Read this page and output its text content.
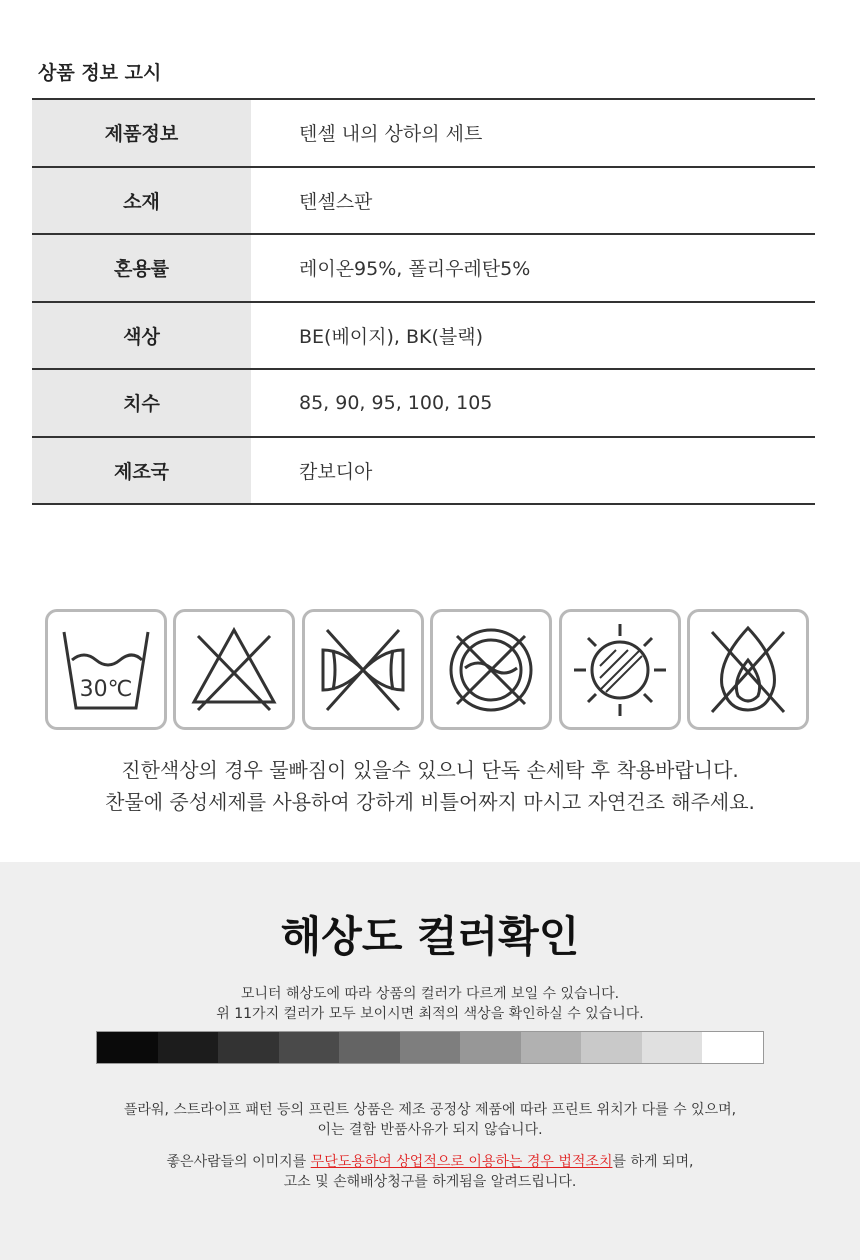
상품 정보 고시
제품정보	텐셀 내의 상하의 세트
소재	텐셀스판
혼용률	레이온95%, 폴리우레탄5%
색상	BE(베이지), BK(블랙)
치수	85, 90, 95, 100, 105
제조국	캄보디아
30℃
진한색상의 경우 물빠짐이 있을수 있으니 단독 손세탁 후 착용바랍니다.
찬물에 중성세제를 사용하여 강하게 비틀어짜지 마시고 자연건조 해주세요.
해상도 컬러확인
모니터 해상도에 따라 상품의 컬러가 다르게 보일 수 있습니다.
위 11가지 컬러가 모두 보이시면 최적의 색상을 확인하실 수 있습니다.
플라워, 스트라이프 패턴 등의 프린트 상품은 제조 공정상 제품에 따라 프린트 위치가 다를 수 있으며,
이는 결함 반품사유가 되지 않습니다.
좋은사람들의 이미지를 무단도용하여 상업적으로 이용하는 경우 법적조치를 하게 되며,
고소 및 손해배상청구를 하게됨을 알려드립니다.
